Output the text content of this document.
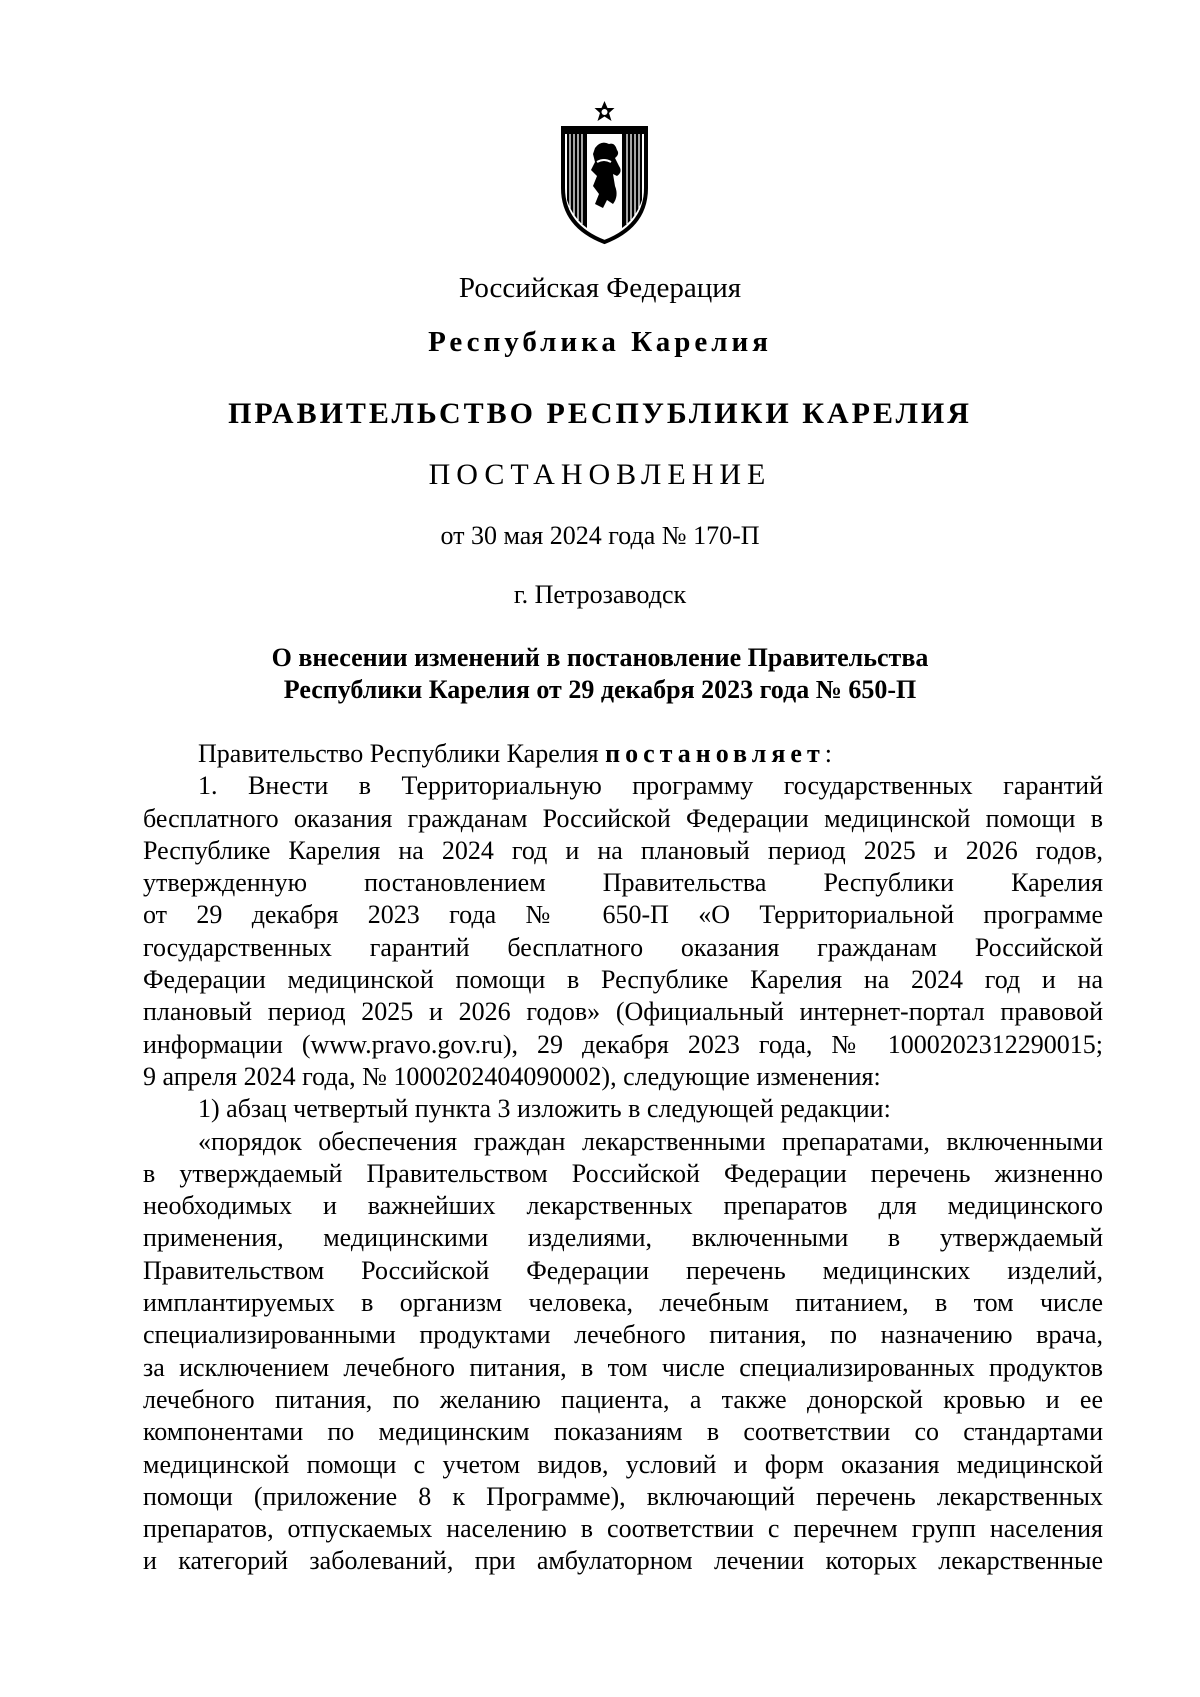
Российская Федерация
Республика Карелия
ПРАВИТЕЛЬСТВО РЕСПУБЛИКИ КАРЕЛИЯ
ПОСТАНОВЛЕНИЕ
от 30 мая 2024 года № 170-П
г. Петрозаводск
О внесении изменений в постановление Правительства
Республики Карелия от 29 декабря 2023 года № 650-П
Правительство Республики Карелия постановляет:
1. Внести в Территориальную программу государственных гарантий
бесплатного оказания гражданам Российской Федерации медицинской помощи в
Республике Карелия на 2024 год и на плановый период 2025 и 2026 годов,
утвержденную постановлением Правительства Республики Карелия
от 29 декабря 2023 года № 650-П «О Территориальной программе
государственных гарантий бесплатного оказания гражданам Российской
Федерации медицинской помощи в Республике Карелия на 2024 год и на
плановый период 2025 и 2026 годов» (Официальный интернет-портал правовой
информации (www.pravo.gov.ru), 29 декабря 2023 года, № 1000202312290015;
9 апреля 2024 года, № 1000202404090002), следующие изменения:
1) абзац четвертый пункта 3 изложить в следующей редакции:
«порядок обеспечения граждан лекарственными препаратами, включенными
в утверждаемый Правительством Российской Федерации перечень жизненно
необходимых и важнейших лекарственных препаратов для медицинского
применения, медицинскими изделиями, включенными в утверждаемый
Правительством Российской Федерации перечень медицинских изделий,
имплантируемых в организм человека, лечебным питанием, в том числе
специализированными продуктами лечебного питания, по назначению врача,
за исключением лечебного питания, в том числе специализированных продуктов
лечебного питания, по желанию пациента, а также донорской кровью и ее
компонентами по медицинским показаниям в соответствии со стандартами
медицинской помощи с учетом видов, условий и форм оказания медицинской
помощи (приложение 8 к Программе), включающий перечень лекарственных
препаратов, отпускаемых населению в соответствии с перечнем групп населения
и категорий заболеваний, при амбулаторном лечении которых лекарственные
